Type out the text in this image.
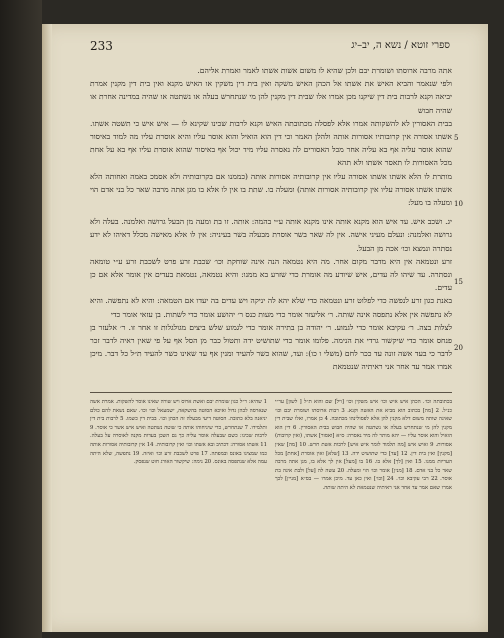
233	ספרי זוטא / נשא ה, יב–יג
5
10
15
20

אתה מרבה ארוסתו ושומרת יבם ולכן שהיא לו משום אשות אשתו לאמר ואמרת אליהם.

ולפי שנאמר והביא האיש את אשתו אל הכהן האיש משקה ואין בית דין משקין או האיש מקנא ואין בית דין מקנין אמרת יביאה וקנא לרבות בית דין שיקנו מכן אמרו אלו שבית דין מקנין להן מי שנתחרש בעלה או נשתטה או שהיה במדינה אחרת או שהיה חבוש

בבית האסורין לא להשקותה אמרו אלא לפסלה מכתובתה האיש וקנא לרבות שכינו שקינא לו — איש איש כי תשטה אשתו. אשתו אסורה אין קרובותיו אסורות אותה ולהלן האמר וכי דין הוא הואיל והוא אוסר עליו והיא אוסרת עליו מה למוד באיסור שהוא אוסר עליה אף בא עליה אחר מכל האסורים לה נאסרה עליו מיד יכול אף באיסור שהוא אוסרת עליו אף בא על אחת מכל האסורות לו תאסר אשתו ולא תהא

מותרת לו הלא אשתו אשתו אסורה עליו אין קרובותיה אסורות אותה (כממנו אם בקרובותיה ולא אסמכ באמה ואחותה הלא אשתו אשתו אסורה עליו אין קרובותיה אסורות אותה) ומעלה בו. שתת בו אין לו אלא בו מגן אתה מרבה שאר כל בני אדם הוי ומעלה בו מעל:

יג. ושכב איש. עד איש הוא מקנא אותה אינו מקנא אותה ע״י בהמה: אותה. זו בת ומעה מן הבעל גרושה ואלמנה. בעלה ולא גרושה ואלמנה: ונעלם מעיני אישה. אין לה שאר בשר אוסרת מבעלה בשר בעיניה: אין לו אלא מאישה מכלל דאיהו לא ידע נסתרה ונמצא וכו׳ אכה מן הבעל.

זרע ונטמאה אין היא מדבר מקום אחר. מה היא נטמאה הנה אינה שוחקת וכו׳ שכבת זרע פרט לשכבת זרע ע״י טומאה ונסתרה. עד שיהו לה עדים, איש שיודע מה אומרת כדי שזרע בא ממנו: והיא נטמאה, נטמאת בעדים אין אומר אלא אם כן עדים.

באנת כגון זרע לנפשה כדי לפלוט זרע ונטמאה כדי שלא יהא לה יניקה ויש עדים בה יעדו אם הטמאה: והיא לא נתפשה. והיא לא נתפשה אין אלא נתפסה אינה שותה. ר׳ אליעזר אומר כדי מעות כנס ר׳ יהושע אומר כדי לשתות. בן עזאי אומר כדי

לצלות בצה. ר׳ עקיבא אומר כדי לגמוע. ר׳ יהודה בן בתירה אומר כדי לגמוע שלש ביצים מגולגלות זו אחר זו. ר׳ אלעזר בן פנחס אומר כדי שיקשור גרדי את הנימה. פלומו אומר כדי שתושיט ידה ותטול כבר מן הסל אף על פי שאין ראיה לדבר זכר לדבר כי בעד אשה זונה עד ככר לחם (משלי ו כו): ועד, שהוא כשר להעיד ומנין אף עד שאינו כשר להעיד ת״ל כל דבר. מיכן אמרו אמר עד אחר אני ראיתיה שנטמאת

1 שהיא: ר״ל כגון שומרת יבם ואשת ארוס ויש שורה שאינו אוסר להשקות. אמרת אשה שנארסה לכהן גדול ואיכא הסוטה בהשקאה, ישמעאל וכו׳ וכו׳. שאם נשאת להם כולם יניאנה בלא כתובה. הסוטה דיעי מבעלה זה הכהן וכו׳. בבית דין כשמו. 5 לרבות בית דין ותלמידו. 7 שנתחרש, כדי שיניחוהו אותה כי שוטה נשתטה ואיש איש אשר כי אוסר. 9 לרבות שכינו: כשם שבעלה אוסר עליה כך גם השכן בעדות מקנה לאוסרה על בעלה. 11 אשתו אסורה: דכתיב ובא אשתו וכו׳ ואין קרובותיה. 14 אין קרובותיה אסורות אותה כמו שמצינו באונס ובמפתה. 17 פרט לשכבת זרע וכו׳ ואיזה. 19 נתפשה, שלא היתה עמה אלא שנתפסה באונס. 20 נימה: שיקשור האורג חוט שנפסק.

בכתובתה וכו׳. הכהן איש איש וכו׳ איש משקין וכו׳ [ויל] שם והוא ת״ל [ לשון] ער״י כנ״ל. 2 [מה] בכתוב הוא מביא את האשה וקנא. 3 רבות ארוסתו ושומרת יבם וכו׳ שאינה שותה משום דלא מקנין להן אלא לפסולינהו מכתובה. 4 כן אמרו, ואלו שבית דין מקנין להן מי שנתחרש בעלה או נשתטה או שהיה חבוש בבית האסורין. 6 דין הוא הואיל והוא אוסר עליו — יהא מותר לה מיד נאסרה: ס״א [ואסור] אשתו, (ואין קרובות) אסורות. 9 ואיש איש [מה תלמוד לומר איש איש] לרבות אשת חרש. 10 [מה] שאין [מקנין] ואין בית דין. 12 [עד] כדי שתושיט ידה. 13 [שלא] ואין אוסרת [אחת] מכל העריות ממנו. 15 ואין [לך] אלא בו. 16 בו [מעל] אין לך אלא בו, מגן אתה מרבה שאר כל בני אדם. 18 [מנין] אומר וכו׳ הוי ומעלה. 20 עשה לה [על] ולבת אינה בת אוסר. 22 רבי עקיבא וכו׳. 24 [וכו׳] ואין כאן עד. מיכן אמרו — בס״א [מניין] לכך אמרו שאם אמר עד אחד אני ראיתיה שנטמאת לא היתה שותה.
